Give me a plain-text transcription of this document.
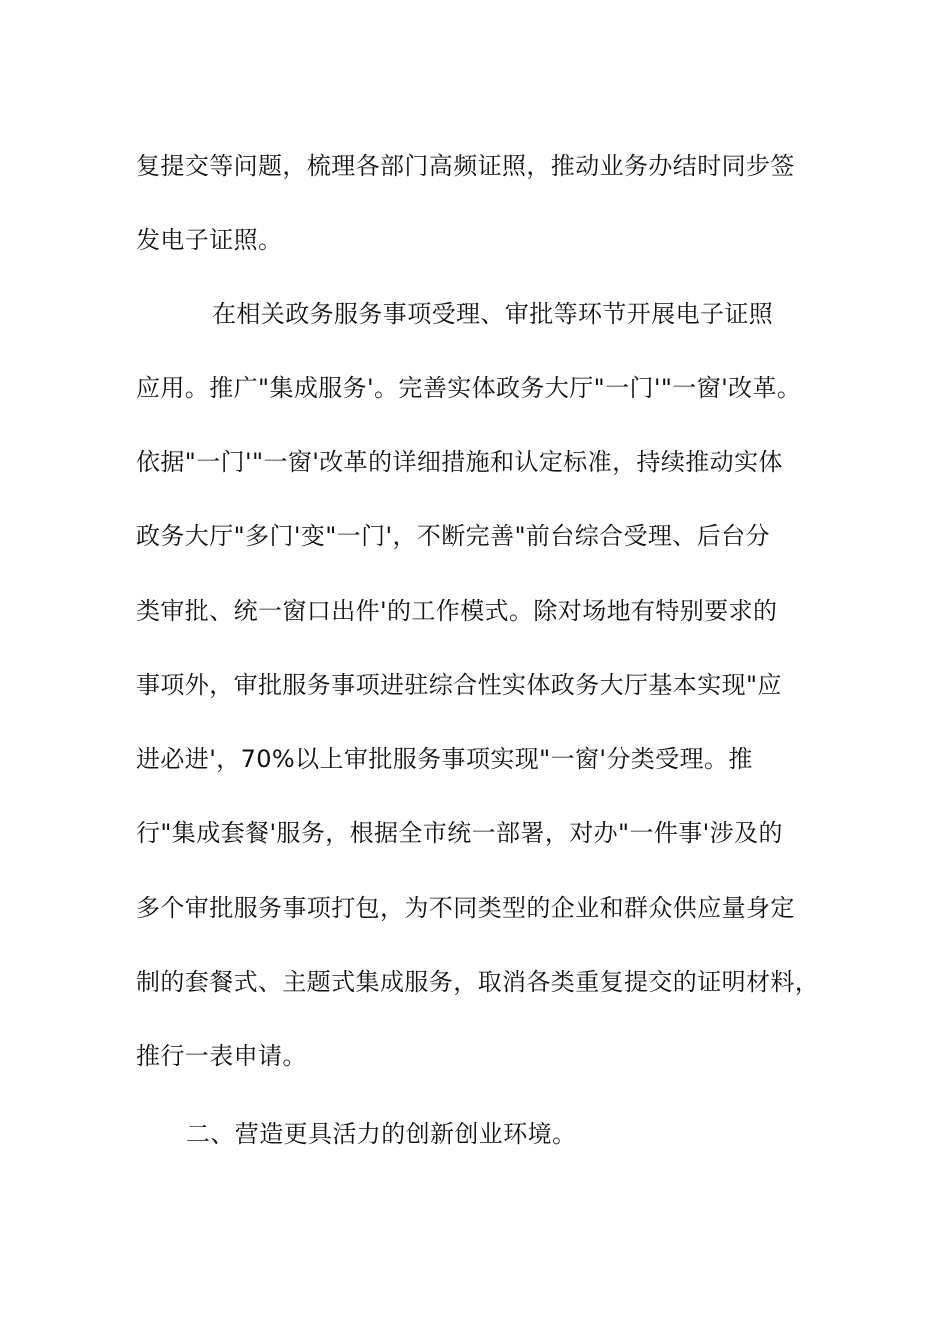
复提交等问题，梳理各部门高频证照，推动业务办结时同步签
发电子证照。
在相关政务服务事项受理、审批等环节开展电子证照
应用。推广"集成服务'。完善实体政务大厅"一门'"一窗'改革。
依据"一门'"一窗'改革的详细措施和认定标准，持续推动实体
政务大厅"多门'变"一门'，不断完善"前台综合受理、后台分
类审批、统一窗口出件'的工作模式。除对场地有特别要求的
事项外，审批服务事项进驻综合性实体政务大厅基本实现"应
进必进'，70%以上审批服务事项实现"一窗'分类受理。推
行"集成套餐'服务，根据全市统一部署，对办"一件事'涉及的
多个审批服务事项打包，为不同类型的企业和群众供应量身定
制的套餐式、主题式集成服务，取消各类重复提交的证明材料，
推行一表申请。
二、营造更具活力的创新创业环境。
